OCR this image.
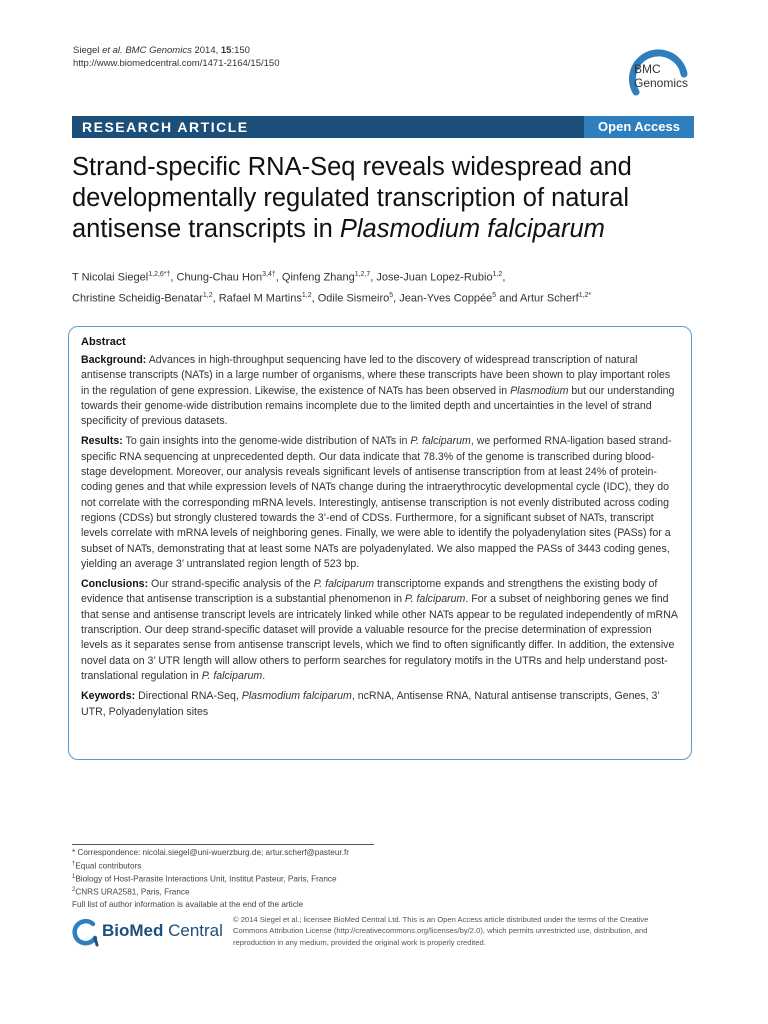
Siegel et al. BMC Genomics 2014, 15:150
http://www.biomedcentral.com/1471-2164/15/150	BMC
Genomics
RESEARCH ARTICLE	Open Access
Strand-specific RNA-Seq reveals widespread and
developmentally regulated transcription of natural
antisense transcripts in Plasmodium falciparum
T Nicolai Siegel$^{1,2,6*\dagger}$, Chung-Chau Hon$^{3,4\dagger}$, Qinfeng Zhang$^{1,2,7}$, Jose-Juan Lopez-Rubio$^{1,2}$,
Christine Scheidig-Benatar$^{1,2}$, Rafael M Martins$^{1,2}$, Odile Sismeiro$^5$, Jean-Yves Coppée$^5$ and Artur Scherf$^{1,2*}$
Abstract

Background: Advances in high-throughput sequencing have led to the discovery of widespread transcription of natural antisense transcripts (NATs) in a large number of organisms, where these transcripts have been shown to play important roles in the regulation of gene expression. Likewise, the existence of NATs has been observed in Plasmodium but our understanding towards their genome-wide distribution remains incomplete due to the limited depth and uncertainties in the level of strand specificity of previous datasets.

Results: To gain insights into the genome-wide distribution of NATs in P. falciparum, we performed RNA-ligation based strand-specific RNA sequencing at unprecedented depth. Our data indicate that 78.3% of the genome is transcribed during blood-stage development. Moreover, our analysis reveals significant levels of antisense transcription from at least 24% of protein-coding genes and that while expression levels of NATs change during the intraerythrocytic developmental cycle (IDC), they do not correlate with the corresponding mRNA levels. Interestingly, antisense transcription is not evenly distributed across coding regions (CDSs) but strongly clustered towards the 3’-end of CDSs. Furthermore, for a significant subset of NATs, transcript levels correlate with mRNA levels of neighboring genes. Finally, we were able to identify the polyadenylation sites (PASs) for a subset of NATs, demonstrating that at least some NATs are polyadenylated. We also mapped the PASs of 3443 coding genes, yielding an average 3’ untranslated region length of 523 bp.

Conclusions: Our strand-specific analysis of the P. falciparum transcriptome expands and strengthens the existing body of evidence that antisense transcription is a substantial phenomenon in P. falciparum. For a subset of neighboring genes we find that sense and antisense transcript levels are intricately linked while other NATs appear to be regulated independently of mRNA transcription. Our deep strand-specific dataset will provide a valuable resource for the precise determination of expression levels as it separates sense from antisense transcript levels, which we find to often significantly differ. In addition, the extensive novel data on 3’ UTR length will allow others to perform searches for regulatory motifs in the UTRs and help understand post-translational regulation in P. falciparum.

Keywords: Directional RNA-Seq, Plasmodium falciparum, ncRNA, Antisense RNA, Natural antisense transcripts, Genes, 3’ UTR, Polyadenylation sites

* Correspondence: nicolai.siegel@uni-wuerzburg.de; artur.scherf@pasteur.fr
†Equal contributors
$^1$Biology of Host-Parasite Interactions Unit, Institut Pasteur, Paris, France
$^2$CNRS URA2581, Paris, France
Full list of author information is available at the end of the article
BioMed Central
© 2014 Siegel et al.; licensee BioMed Central Ltd. This is an Open Access article distributed under the terms of the Creative Commons Attribution License (http://creativecommons.org/licenses/by/2.0), which permits unrestricted use, distribution, and reproduction in any medium, provided the original work is properly credited.
